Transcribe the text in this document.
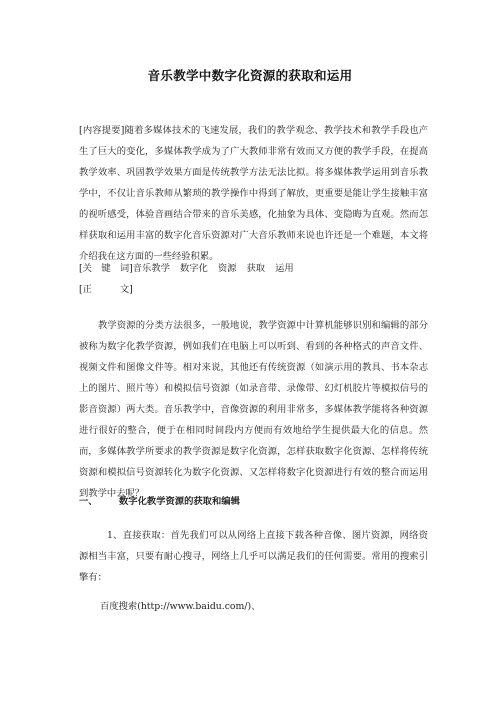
音乐教学中数字化资源的获取和运用
[内容提要]随着多媒体技术的飞速发展，我们的教学观念、教学技术和教学手段也产生了巨大的变化，多媒体教学成为了广大教师非常有效而又方便的教学手段，在提高教学效率、巩固教学效果方面是传统教学方法无法比拟。将多媒体教学运用到音乐教学中，不仅让音乐教师从繁琐的教学操作中得到了解放，更重要是能让学生接触丰富的视听感受，体验音画结合带来的音乐美感，化抽象为具体、变隐晦为直观。然而怎样获取和运用丰富的数字化音乐资源对广大音乐教师来说也许还是一个难题，本文将介绍我在这方面的一些经验积累。
[关　键　词]音乐教学 数字化 资源 获取 运用
[正　　　文]
教学资源的分类方法很多，一般地说，教学资源中计算机能够识别和编辑的部分被称为数字化教学资源，例如我们在电脑上可以听到、看到的各种格式的声音文件、视频文件和图像文件等。相对来说，其他还有传统资源（如演示用的教具、书本杂志上的图片、照片等）和模拟信号资源（如录音带、录像带、幻灯机胶片等模拟信号的影音资源）两大类。音乐教学中，音像资源的利用非常多，多媒体教学能将各种资源进行很好的整合，便于在相同时间段内方便而有效地给学生提供最大化的信息。然而，多媒体教学所要求的教学资源是数字化资源，怎样获取数字化资源、怎样将传统资源和模拟信号资源转化为数字化资源、又怎样将数字化资源进行有效的整合而运用到教学中去呢？
一、 数字化教学资源的获取和编辑
1、直接获取：首先我们可以从网络上直接下载各种音像、图片资源，网络资源相当丰富，只要有耐心搜寻，网络上几乎可以满足我们的任何需要。常用的搜索引擎有：
百度搜索(http://www.baidu.com/)、
